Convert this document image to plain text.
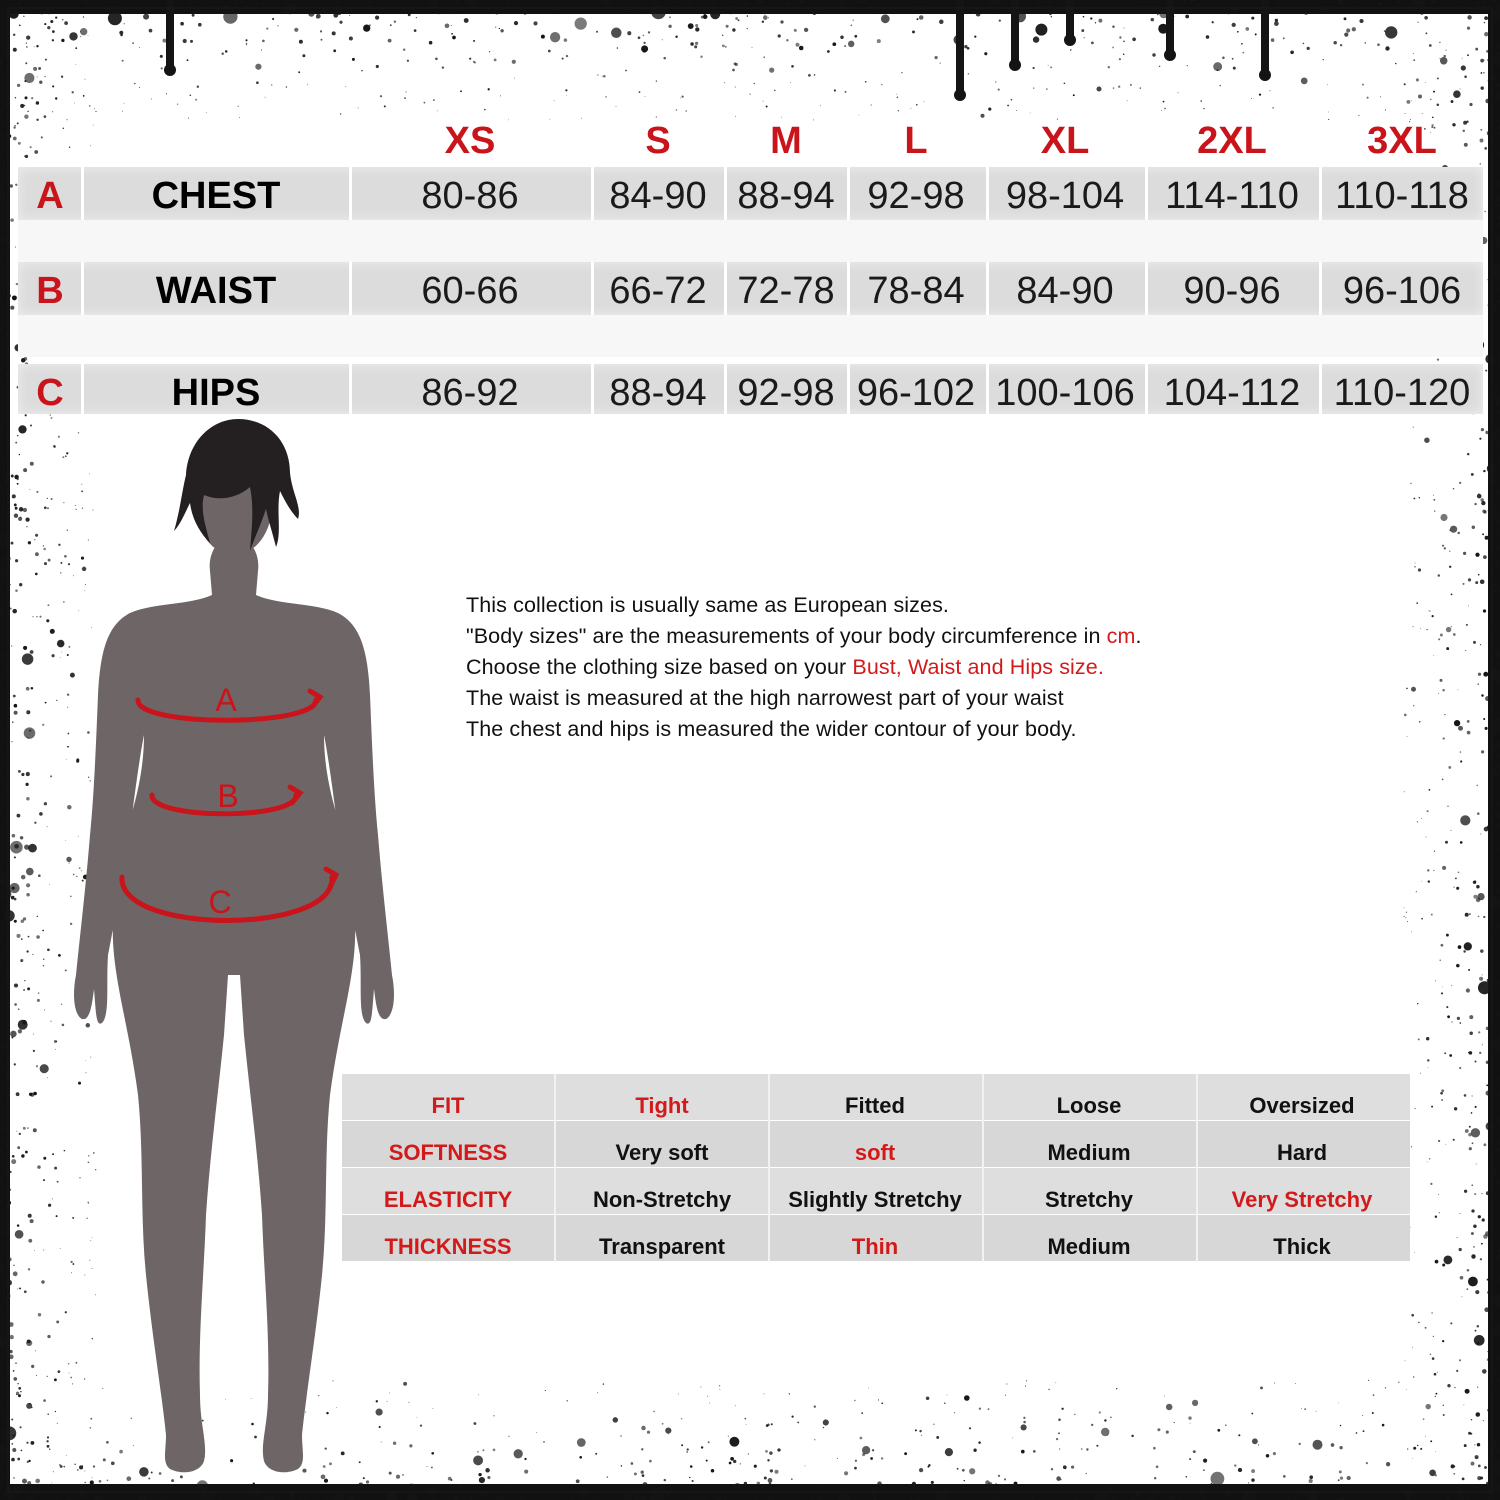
XS	S	M	L	XL	2XL	3XL
A CHEST	80-86 84-90 88-94 92-98 98-104 114-110 110-118
B WAIST	60-66 66-72 72-78 78-84 84-90 90-96 96-106
C	HIPS	86-92 88-94 92-98 96-102 100-106 104-112 110-120

This collection is usually same as European sizes.

"Body sizes" are the measurements of your body circumference in cm.

Choose the clothing size based on your Bust, Waist and Hips size.

The waist is measured at the high narrowest part of your waist

The chest and hips is measured the wider contour of your body.

A
B
C
FIT	Tight	Fitted	Loose	Oversized
SOFTNESS	Very soft	soft	Medium	Hard
ELASTICITY	Non-Stretchy	Slightly Stretchy	Stretchy	Very Stretchy
THICKNESS	Transparent	Thin	Medium	Thick
